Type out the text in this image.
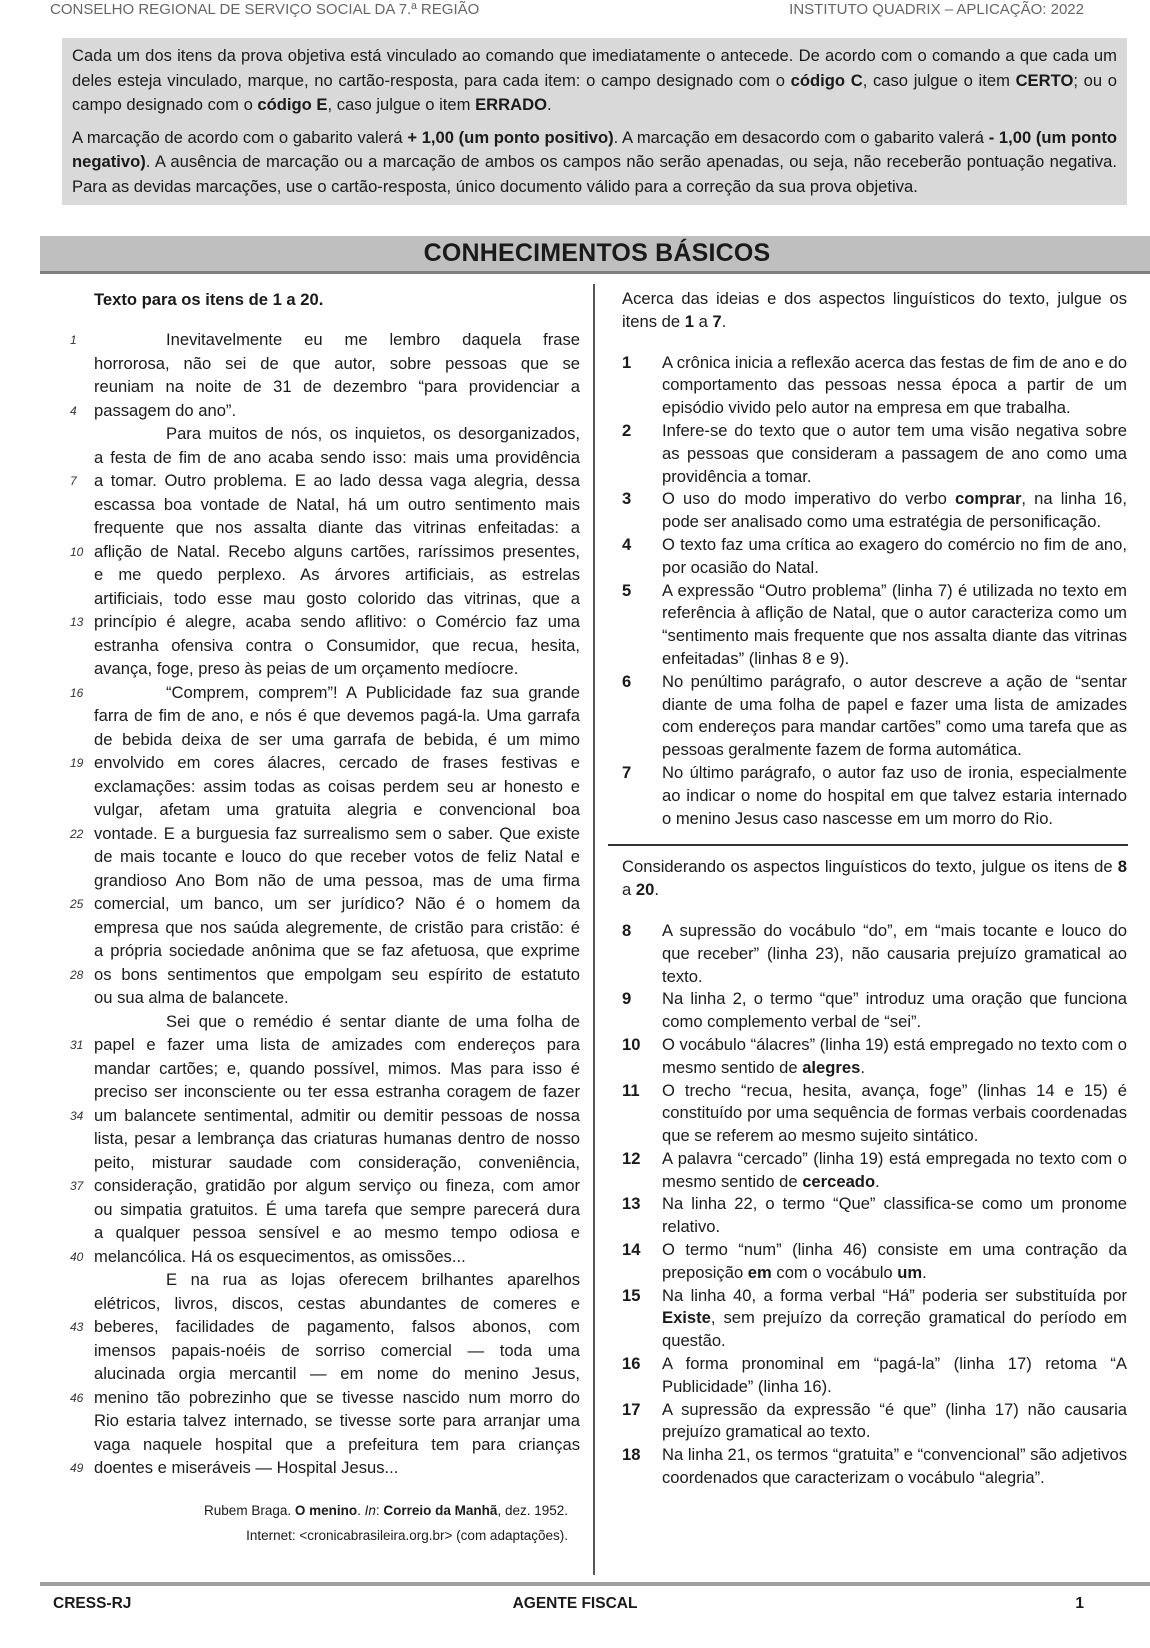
CONSELHO REGIONAL DE SERVIÇO SOCIAL DA 7.ª REGIÃO	INSTITUTO QUADRIX – APLICAÇÃO: 2022

Cada um dos itens da prova objetiva está vinculado ao comando que imediatamente o antecede. De acordo com o comando a que cada um deles esteja vinculado, marque, no cartão-resposta, para cada item: o campo designado com o código C, caso julgue o item CERTO; ou o campo designado com o código E, caso julgue o item ERRADO.

A marcação de acordo com o gabarito valerá + 1,00 (um ponto positivo). A marcação em desacordo com o gabarito valerá - 1,00 (um ponto negativo). A ausência de marcação ou a marcação de ambos os campos não serão apenadas, ou seja, não receberão pontuação negativa. Para as devidas marcações, use o cartão-resposta, único documento válido para a correção da sua prova objetiva.

CONHECIMENTOS BÁSICOS
Texto para os itens de 1 a 20.
1	Inevitavelmente eu me lembro daquela frase
horrorosa, não sei de que autor, sobre pessoas que se
reuniam na noite de 31 de dezembro “para providenciar a
4 passagem do ano”.
Para muitos de nós, os inquietos, os desorganizados,
a festa de fim de ano acaba sendo isso: mais uma providência
7 a tomar. Outro problema. E ao lado dessa vaga alegria, dessa
escassa boa vontade de Natal, há um outro sentimento mais
frequente que nos assalta diante das vitrinas enfeitadas: a
10 aflição de Natal. Recebo alguns cartões, raríssimos presentes,
e me quedo perplexo. As árvores artificiais, as estrelas
artificiais, todo esse mau gosto colorido das vitrinas, que a
13 princípio é alegre, acaba sendo aflitivo: o Comércio faz uma
estranha ofensiva contra o Consumidor, que recua, hesita,
avança, foge, preso às peias de um orçamento medíocre.
16	“Comprem, comprem”! A Publicidade faz sua grande
farra de fim de ano, e nós é que devemos pagá-la. Uma garrafa
de bebida deixa de ser uma garrafa de bebida, é um mimo
19 envolvido em cores álacres, cercado de frases festivas e
exclamações: assim todas as coisas perdem seu ar honesto e
vulgar, afetam uma gratuita alegria e convencional boa
22 vontade. E a burguesia faz surrealismo sem o saber. Que existe
de mais tocante e louco do que receber votos de feliz Natal e
grandioso Ano Bom não de uma pessoa, mas de uma firma
25 comercial, um banco, um ser jurídico? Não é o homem da
empresa que nos saúda alegremente, de cristão para cristão: é
a própria sociedade anônima que se faz afetuosa, que exprime
28 os bons sentimentos que empolgam seu espírito de estatuto
ou sua alma de balancete.
Sei que o remédio é sentar diante de uma folha de
31 papel e fazer uma lista de amizades com endereços para
mandar cartões; e, quando possível, mimos. Mas para isso é
preciso ser inconsciente ou ter essa estranha coragem de fazer
34 um balancete sentimental, admitir ou demitir pessoas de nossa
lista, pesar a lembrança das criaturas humanas dentro de nosso
peito, misturar saudade com consideração, conveniência,
37 consideração, gratidão por algum serviço ou fineza, com amor
ou simpatia gratuitos. É uma tarefa que sempre parecerá dura
a qualquer pessoa sensível e ao mesmo tempo odiosa e
40 melancólica. Há os esquecimentos, as omissões...
E na rua as lojas oferecem brilhantes aparelhos
elétricos, livros, discos, cestas abundantes de comeres e
43 beberes, facilidades de pagamento, falsos abonos, com
imensos papais-noéis de sorriso comercial — toda uma
alucinada orgia mercantil — em nome do menino Jesus,
46 menino tão pobrezinho que se tivesse nascido num morro do
Rio estaria talvez internado, se tivesse sorte para arranjar uma
vaga naquele hospital que a prefeitura tem para crianças
49 doentes e miseráveis — Hospital Jesus...
Rubem Braga. O menino. In: Correio da Manhã, dez. 1952.
Internet: <cronicabrasileira.org.br> (com adaptações).
Acerca das ideias e dos aspectos linguísticos do texto, julgue os itens de 1 a 7.
1 A crônica inicia a reflexão acerca das festas de fim de ano e do comportamento das pessoas nessa época a partir de um episódio vivido pelo autor na empresa em que trabalha.
2 Infere-se do texto que o autor tem uma visão negativa sobre as pessoas que consideram a passagem de ano como uma providência a tomar.
3 O uso do modo imperativo do verbo comprar, na linha 16, pode ser analisado como uma estratégia de personificação.
4 O texto faz uma crítica ao exagero do comércio no fim de ano, por ocasião do Natal.
5 A expressão “Outro problema” (linha 7) é utilizada no texto em referência à aflição de Natal, que o autor caracteriza como um “sentimento mais frequente que nos assalta diante das vitrinas enfeitadas” (linhas 8 e 9).
6 No penúltimo parágrafo, o autor descreve a ação de “sentar diante de uma folha de papel e fazer uma lista de amizades com endereços para mandar cartões” como uma tarefa que as pessoas geralmente fazem de forma automática.
7 No último parágrafo, o autor faz uso de ironia, especialmente ao indicar o nome do hospital em que talvez estaria internado o menino Jesus caso nascesse em um morro do Rio.
Considerando os aspectos linguísticos do texto, julgue os itens de 8 a 20.
8 A supressão do vocábulo “do”, em “mais tocante e louco do que receber” (linha 23), não causaria prejuízo gramatical ao texto.
9 Na linha 2, o termo “que” introduz uma oração que funciona como complemento verbal de “sei”.
10 O vocábulo “álacres” (linha 19) está empregado no texto com o mesmo sentido de alegres.
11 O trecho “recua, hesita, avança, foge” (linhas 14 e 15) é constituído por uma sequência de formas verbais coordenadas que se referem ao mesmo sujeito sintático.
12 A palavra “cercado” (linha 19) está empregada no texto com o mesmo sentido de cerceado.
13 Na linha 22, o termo “Que” classifica-se como um pronome relativo.
14 O termo “num” (linha 46) consiste em uma contração da preposição em com o vocábulo um.
15 Na linha 40, a forma verbal “Há” poderia ser substituída por Existe, sem prejuízo da correção gramatical do período em questão.
16 A forma pronominal em “pagá-la” (linha 17) retoma “A Publicidade” (linha 16).
17 A supressão da expressão “é que” (linha 17) não causaria prejuízo gramatical ao texto.
18 Na linha 21, os termos “gratuita” e “convencional” são adjetivos coordenados que caracterizam o vocábulo “alegria”.
CRESS-RJ	AGENTE FISCAL	1
